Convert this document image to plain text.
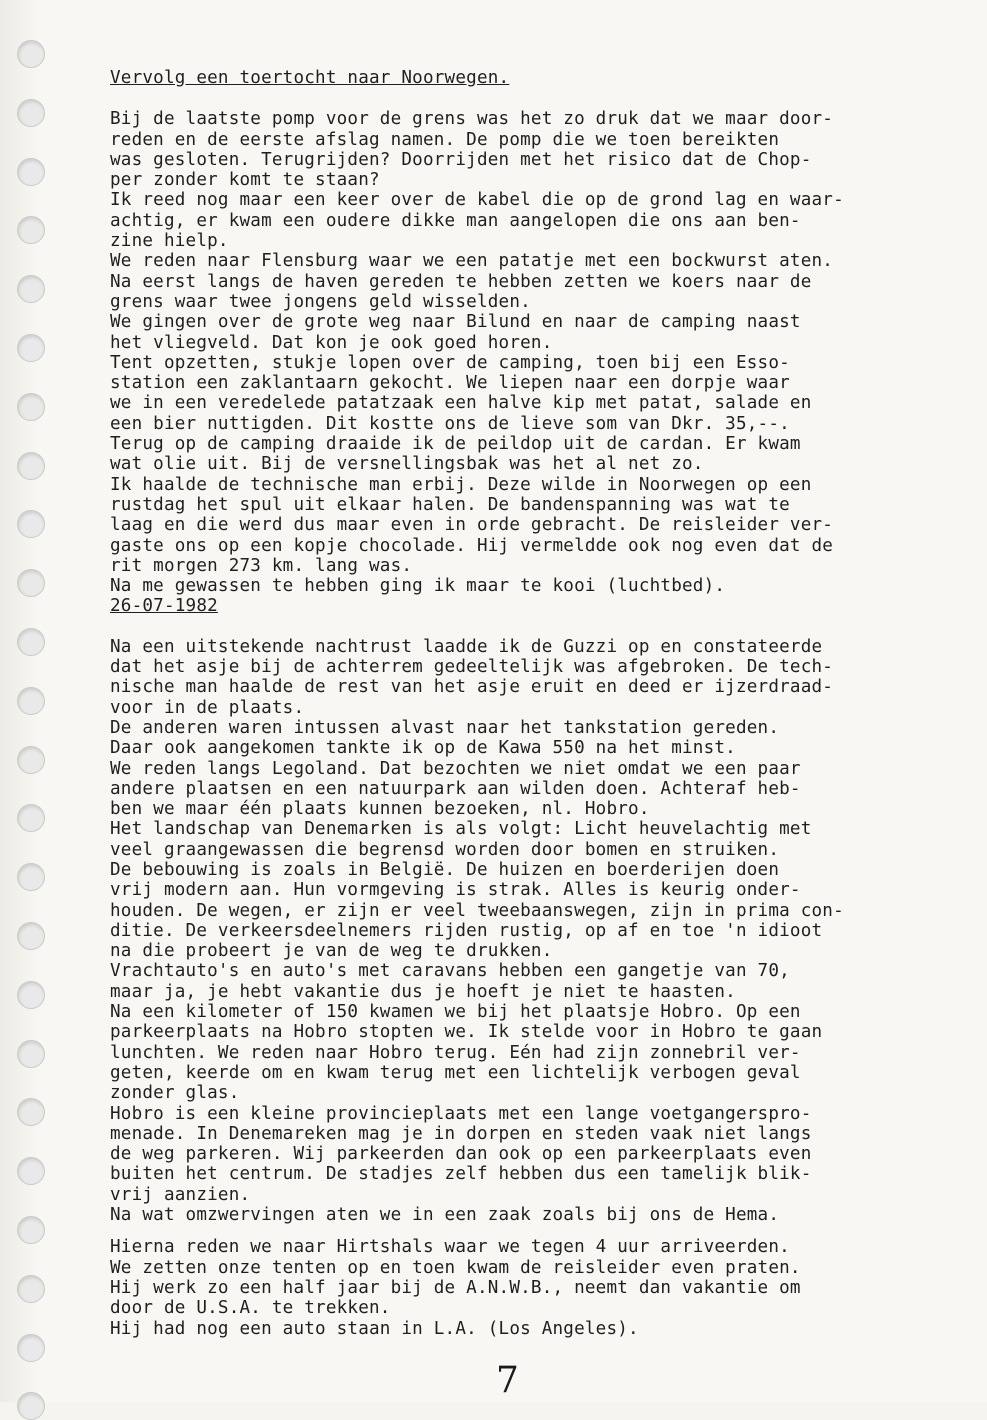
Vervolg een toertocht naar Noorwegen.
Bij de laatste pomp voor de grens was het zo druk dat we maar door-
reden en de eerste afslag namen. De pomp die we toen bereikten
was gesloten. Terugrijden? Doorrijden met het risico dat de Chop-
per zonder komt te staan?
Ik reed nog maar een keer over de kabel die op de grond lag en waar-
achtig, er kwam een oudere dikke man aangelopen die ons aan ben-
zine hielp.
We reden naar Flensburg waar we een patatje met een bockwurst aten.
Na eerst langs de haven gereden te hebben zetten we koers naar de
grens waar twee jongens geld wisselden.
We gingen over de grote weg naar Bilund en naar de camping naast
het vliegveld. Dat kon je ook goed horen.
Tent opzetten, stukje lopen over de camping, toen bij een Esso-
station een zaklantaarn gekocht. We liepen naar een dorpje waar
we in een veredelede patatzaak een halve kip met patat, salade en
een bier nuttigden. Dit kostte ons de lieve som van Dkr. 35,--.
Terug op de camping draaide ik de peildop uit de cardan. Er kwam
wat olie uit. Bij de versnellingsbak was het al net zo.
Ik haalde de technische man erbij. Deze wilde in Noorwegen op een
rustdag het spul uit elkaar halen. De bandenspanning was wat te
laag en die werd dus maar even in orde gebracht. De reisleider ver-
gaste ons op een kopje chocolade. Hij vermeldde ook nog even dat de
rit morgen 273 km. lang was.
Na me gewassen te hebben ging ik maar te kooi (luchtbed).
26-07-1982
Na een uitstekende nachtrust laadde ik de Guzzi op en constateerde
dat het asje bij de achterrem gedeeltelijk was afgebroken. De tech-
nische man haalde de rest van het asje eruit en deed er ijzerdraad-
voor in de plaats.
De anderen waren intussen alvast naar het tankstation gereden.
Daar ook aangekomen tankte ik op de Kawa 550 na het minst.
We reden langs Legoland. Dat bezochten we niet omdat we een paar
andere plaatsen en een natuurpark aan wilden doen. Achteraf heb-
ben we maar één plaats kunnen bezoeken, nl. Hobro.
Het landschap van Denemarken is als volgt: Licht heuvelachtig met
veel graangewassen die begrensd worden door bomen en struiken.
De bebouwing is zoals in België. De huizen en boerderijen doen
vrij modern aan. Hun vormgeving is strak. Alles is keurig onder-
houden. De wegen, er zijn er veel tweebaanswegen, zijn in prima con-
ditie. De verkeersdeelnemers rijden rustig, op af en toe 'n idioot
na die probeert je van de weg te drukken.
Vrachtauto's en auto's met caravans hebben een gangetje van 70,
maar ja, je hebt vakantie dus je hoeft je niet te haasten.
Na een kilometer of 150 kwamen we bij het plaatsje Hobro. Op een
parkeerplaats na Hobro stopten we. Ik stelde voor in Hobro te gaan
lunchten. We reden naar Hobro terug. Eén had zijn zonnebril ver-
geten, keerde om en kwam terug met een lichtelijk verbogen geval
zonder glas.
Hobro is een kleine provincieplaats met een lange voetgangerspro-
menade. In Denemareken mag je in dorpen en steden vaak niet langs
de weg parkeren. Wij parkeerden dan ook op een parkeerplaats even
buiten het centrum. De stadjes zelf hebben dus een tamelijk blik-
vrij aanzien.
Na wat omzwervingen aten we in een zaak zoals bij ons de Hema.
Hierna reden we naar Hirtshals waar we tegen 4 uur arriveerden.
We zetten onze tenten op en toen kwam de reisleider even praten.
Hij werk zo een half jaar bij de A.N.W.B., neemt dan vakantie om
door de U.S.A. te trekken.
Hij had nog een auto staan in L.A. (Los Angeles).
7
